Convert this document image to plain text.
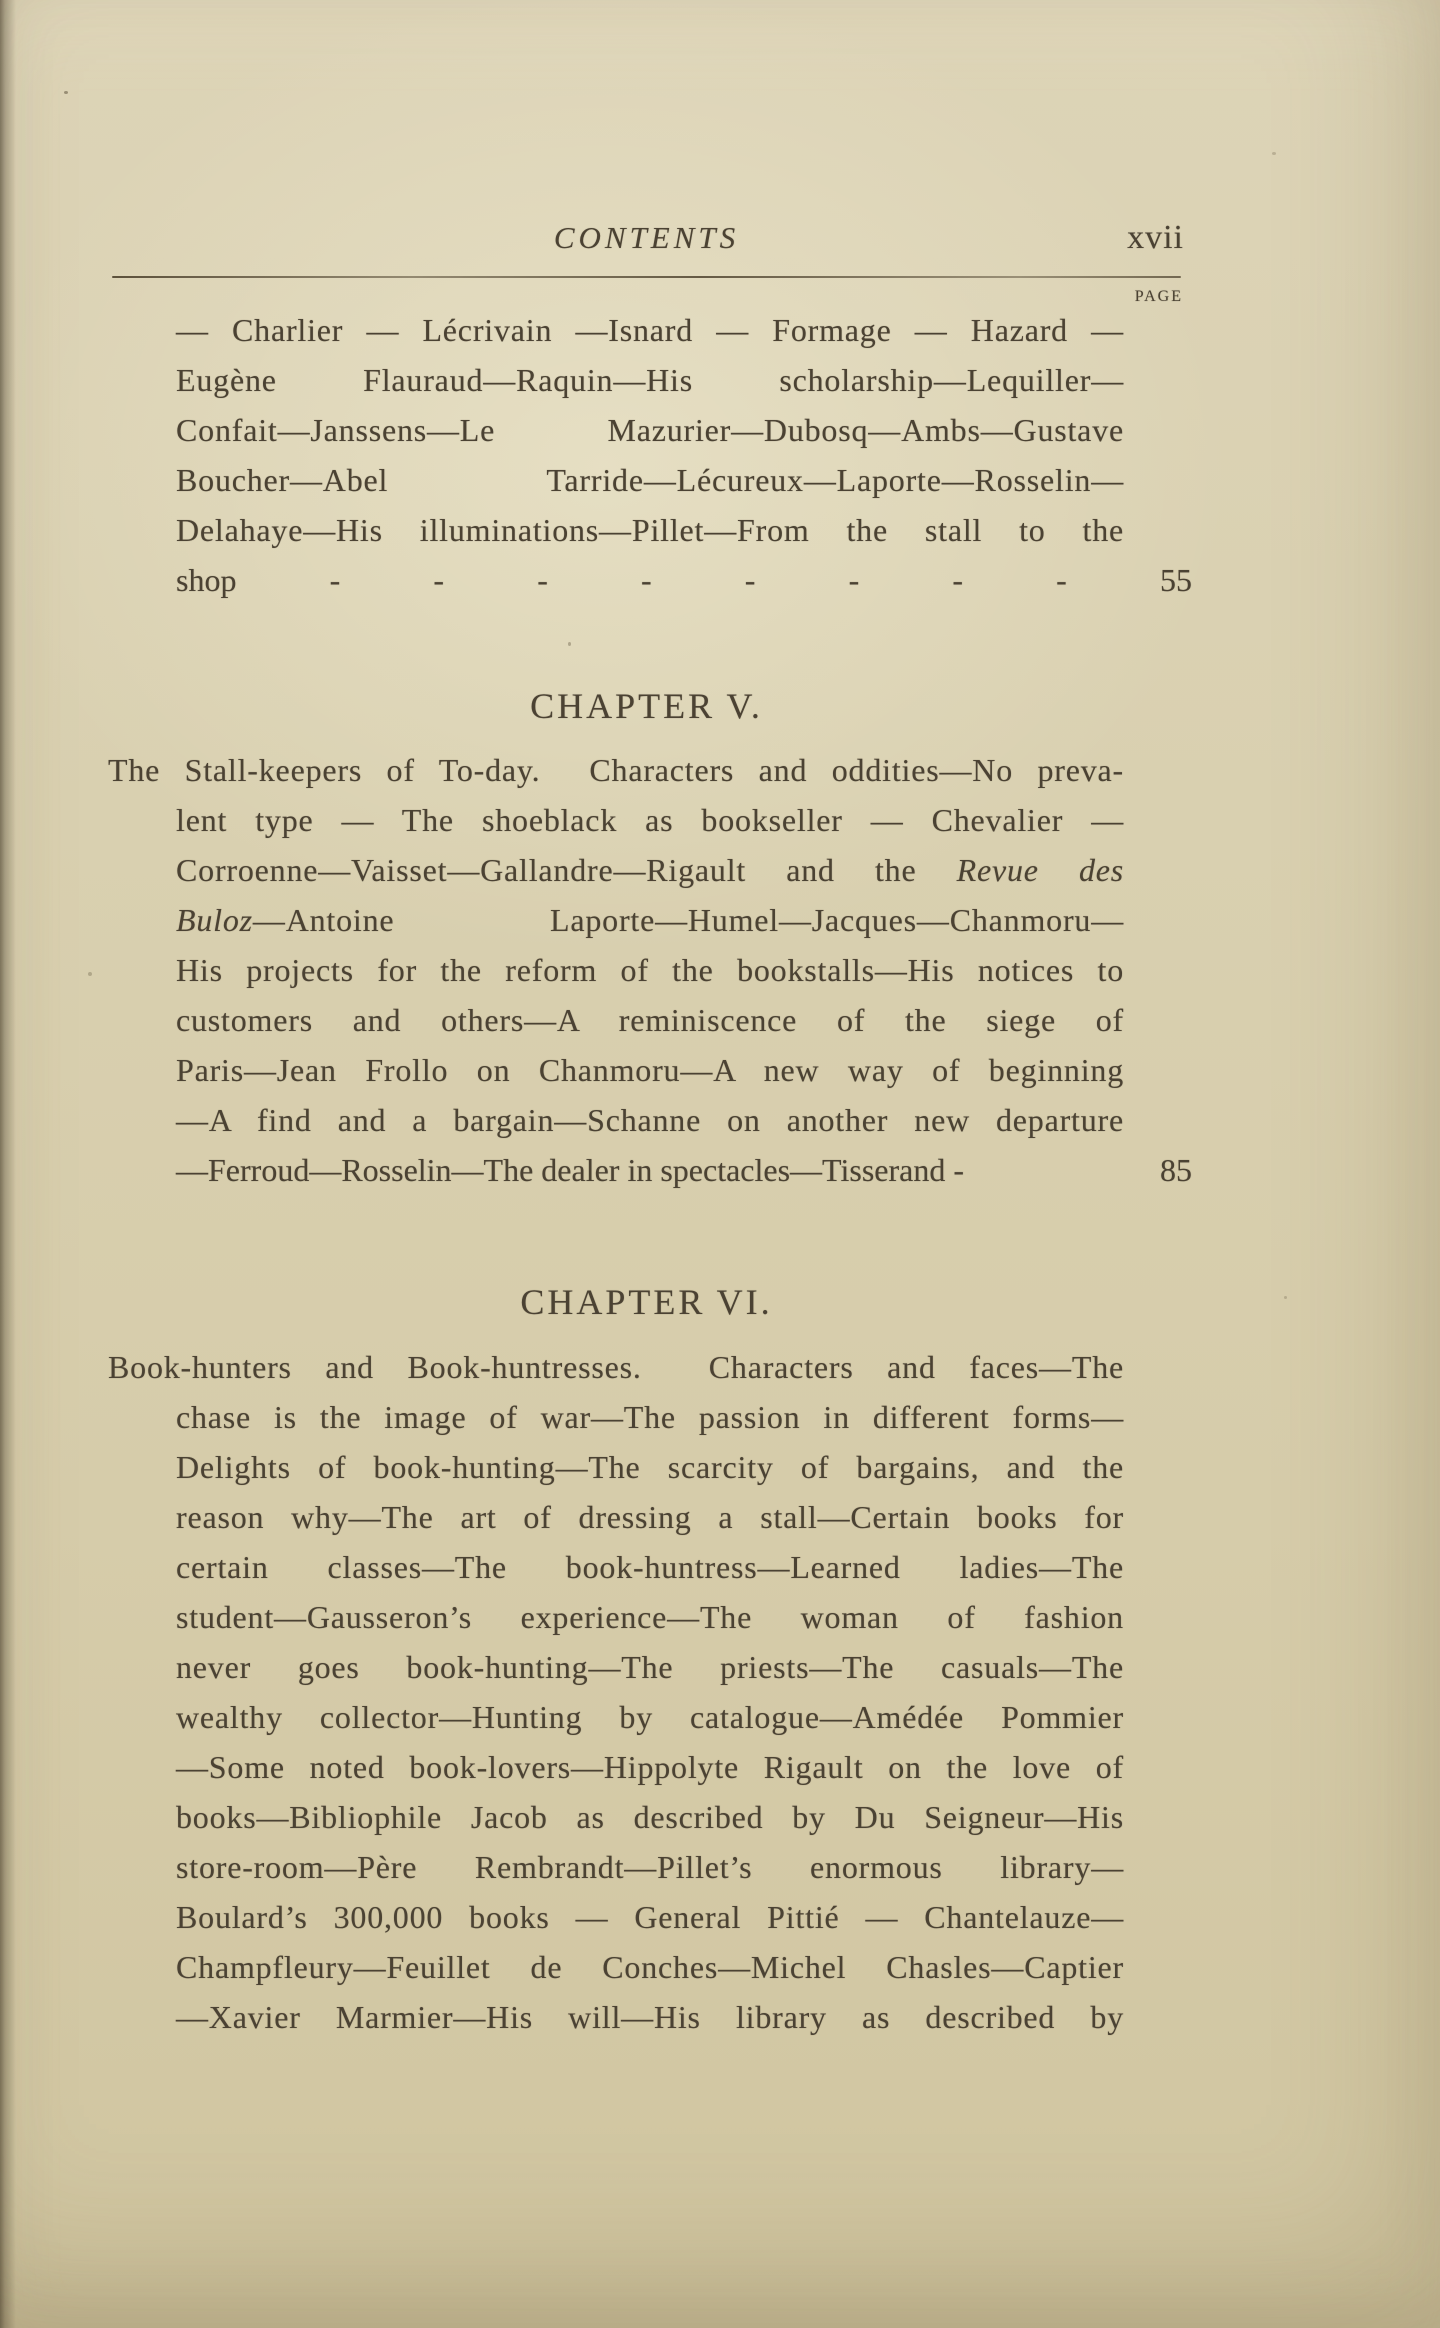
CONTENTS	xvii
PAGE
— Charlier — Lécrivain —Isnard — Formage — Hazard —
Eugène Flauraud—Raquin—His scholarship—Lequiller—
Confait—Janssens—Le Mazurier—Dubosq—Ambs—Gustave
Boucher—Abel Tarride—Lécureux—Laporte—Rosselin—
Delahaye—His illuminations—Pillet—From the stall to the
shop	-	-	-	-	-	-	-	-	55
CHAPTER V.
The Stall-keepers of To-day.  Characters and oddities—No preva-
lent type — The shoeblack as bookseller — Chevalier —
Corroenne—Vaisset—Gallandre—Rigault and the Revue des
Buloz—Antoine Laporte—Humel—Jacques—Chanmoru—
His projects for the reform of the bookstalls—His notices to
customers and others—A reminiscence of the siege of
Paris—Jean Frollo on Chanmoru—A new way of beginning
—A find and a bargain—Schanne on another new departure
—Ferroud—Rosselin—The dealer in spectacles—Tisserand -	85
CHAPTER VI.
Book-hunters and Book-huntresses.  Characters and faces—The
chase is the image of war—The passion in different forms—
Delights of book-hunting—The scarcity of bargains, and the
reason why—The art of dressing a stall—Certain books for
certain classes—The book-huntress—Learned ladies—The
student—Gausseron’s experience—The woman of fashion
never goes book-hunting—The priests—The casuals—The
wealthy collector—Hunting by catalogue—Amédée Pommier
—Some noted book-lovers—Hippolyte Rigault on the love of
books—Bibliophile Jacob as described by Du Seigneur—His
store-room—Père Rembrandt—Pillet’s enormous library—
Boulard’s 300,000 books — General Pittié — Chantelauze—
Champfleury—Feuillet de Conches—Michel Chasles—Captier
—Xavier Marmier—His will—His library as described by
